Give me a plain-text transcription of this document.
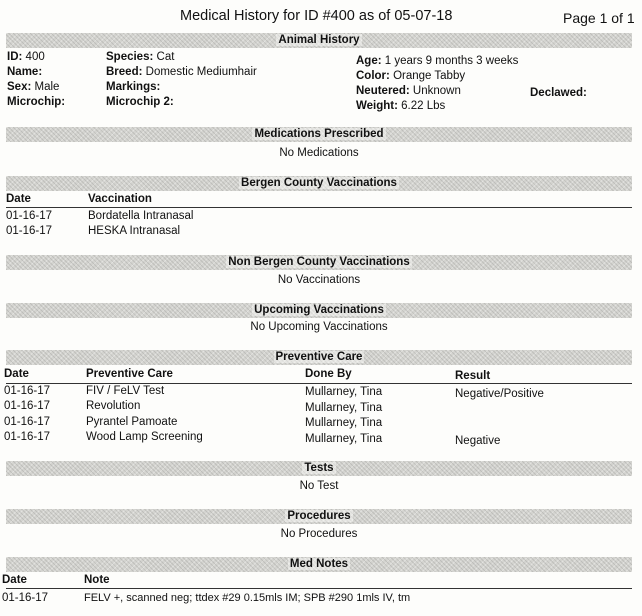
Medical History for ID #400 as of 05-07-18	Page 1 of 1
Animal History
ID: 400
Name:
Sex: Male
Microchip:
Species: Cat
Breed: Domestic Mediumhair
Markings:
Microchip 2:
Age: 1 years 9 months 3 weeks
Color: Orange Tabby
Neutered: Unknown
Weight: 6.22 Lbs
Declawed:
Medications Prescribed
No Medications
Bergen County Vaccinations
Date	Vaccination
01-16-17	Bordatella Intranasal
01-16-17	HESKA Intranasal
Non Bergen County Vaccinations
No Vaccinations
Upcoming Vaccinations
No Upcoming Vaccinations
Preventive Care
Date	Preventive Care	Done By	Result
01-16-17	FIV / FeLV Test	Mullarney, Tina	Negative/Positive
01-16-17	Revolution	Mullarney, Tina
01-16-17	Pyrantel Pamoate	Mullarney, Tina
01-16-17	Wood Lamp Screening	Mullarney, Tina	Negative
Tests
No Test
Procedures
No Procedures
Med Notes
Date	Note
01-16-17	FELV +, scanned neg; ttdex #29 0.15mls IM; SPB #290 1mls IV, tm
